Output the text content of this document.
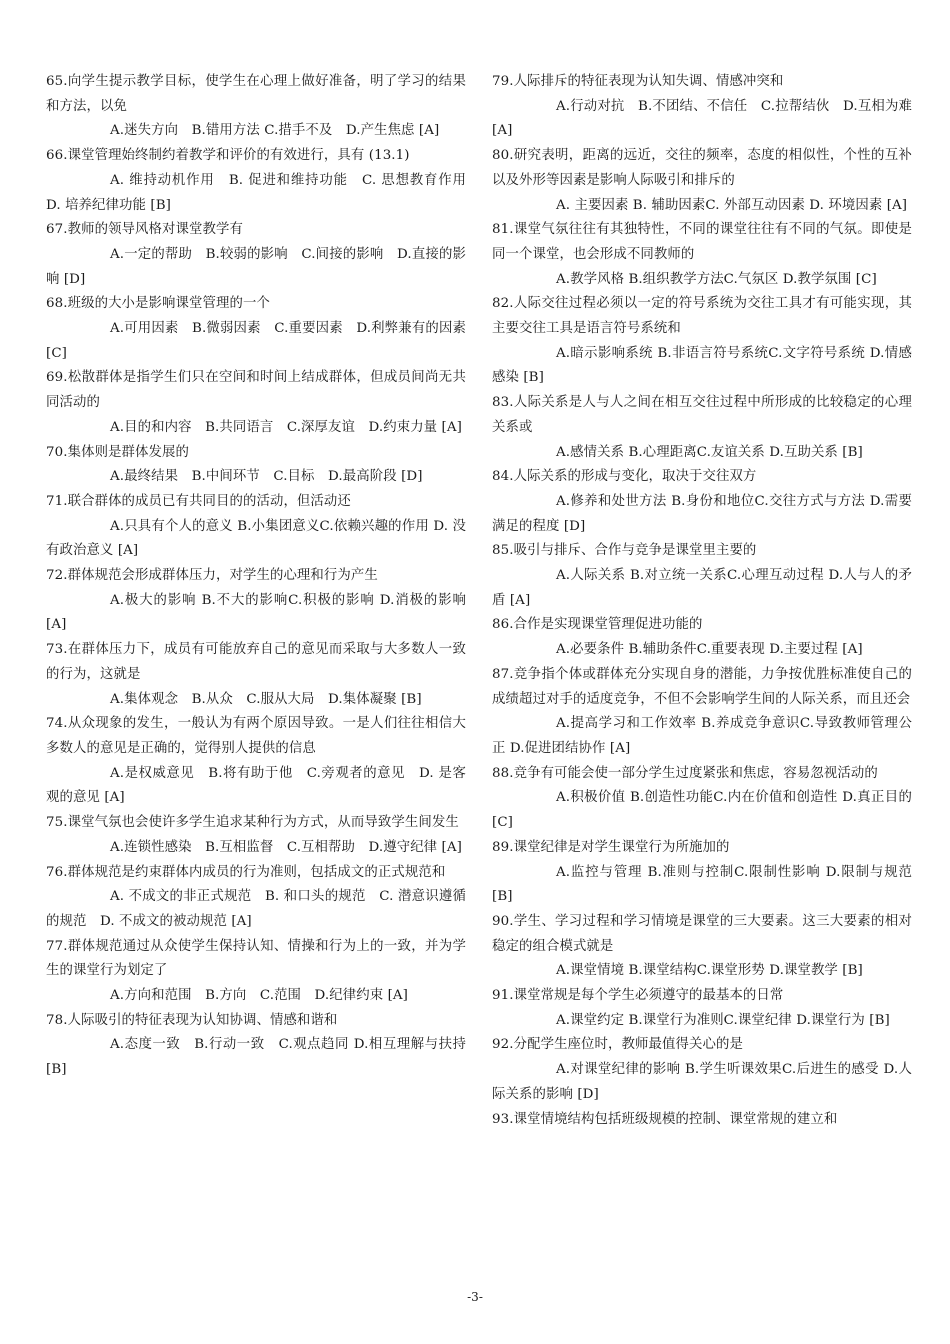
65.向学生提示教学目标，使学生在心理上做好准备，明了学习的结果和方法，以免

A.迷失方向　B.错用方法 C.措手不及　D.产生焦虑 [A]

66.课堂管理始终制约着教学和评价的有效进行，具有 (13.1)

A. 维持动机作用　B. 促进和维持功能　C. 思想教育作用　D. 培养纪律功能 [B]

67.教师的领导风格对课堂教学有

A.一定的帮助　B.较弱的影响　C.间接的影响　D.直接的影响 [D]

68.班级的大小是影响课堂管理的一个

A.可用因素　B.微弱因素　C.重要因素　D.利弊兼有的因素 [C]

69.松散群体是指学生们只在空间和时间上结成群体，但成员间尚无共同活动的

A.目的和内容　B.共同语言　C.深厚友谊　D.约束力量 [A]

70.集体则是群体发展的

A.最终结果　B.中间环节　C.目标　D.最高阶段 [D]

71.联合群体的成员已有共同目的的活动，但活动还

A.只具有个人的意义 B.小集团意义C.依赖兴趣的作用 D. 没有政治意义 [A]

72.群体规范会形成群体压力，对学生的心理和行为产生

A.极大的影响 B.不大的影响C.积极的影响 D.消极的影响 [A]

73.在群体压力下，成员有可能放弃自己的意见而采取与大多数人一致的行为，这就是

A.集体观念　B.从众　C.服从大局　D.集体凝聚 [B]

74.从众现象的发生，一般认为有两个原因导致。一是人们往往相信大多数人的意见是正确的，觉得别人提供的信息

A.是权威意见　B.将有助于他　C.旁观者的意见　D. 是客观的意见 [A]

75.课堂气氛也会使许多学生追求某种行为方式，从而导致学生间发生

A.连锁性感染　B.互相监督　C.互相帮助　D.遵守纪律 [A]

76.群体规范是约束群体内成员的行为准则，包括成文的正式规范和

A. 不成文的非正式规范　B. 和口头的规范　C. 潜意识遵循的规范　D. 不成文的被动规范 [A]

77.群体规范通过从众使学生保持认知、情操和行为上的一致，并为学生的课堂行为划定了

A.方向和范围　B.方向　C.范围　D.纪律约束 [A]

78.人际吸引的特征表现为认知协调、情感和谐和

A.态度一致　B.行动一致　C.观点趋同 D.相互理解与扶持 [B]

79.人际排斥的特征表现为认知失调、情感冲突和

A.行动对抗　B.不团结、不信任　C.拉帮结伙　D.互相为难 [A]

80.研究表明，距离的远近，交往的频率，态度的相似性，个性的互补以及外形等因素是影响人际吸引和排斥的

A. 主要因素 B. 辅助因素C. 外部互动因素 D. 环境因素 [A]

81.课堂气氛往往有其独特性，不同的课堂往往有不同的气氛。即使是同一个课堂，也会形成不同教师的

A.教学风格 B.组织教学方法C.气氛区 D.教学氛围 [C]

82.人际交往过程必须以一定的符号系统为交往工具才有可能实现，其主要交往工具是语言符号系统和

A.暗示影响系统 B.非语言符号系统C.文字符号系统 D.情感感染 [B]

83.人际关系是人与人之间在相互交往过程中所形成的比较稳定的心理关系或

A.感情关系 B.心理距离C.友谊关系 D.互助关系 [B]

84.人际关系的形成与变化，取决于交往双方

A.修养和处世方法 B.身份和地位C.交往方式与方法 D.需要满足的程度 [D]

85.吸引与排斥、合作与竞争是课堂里主要的

A.人际关系 B.对立统一关系C.心理互动过程 D.人与人的矛盾 [A]

86.合作是实现课堂管理促进功能的

A.必要条件 B.辅助条件C.重要表现 D.主要过程 [A]

87.竞争指个体或群体充分实现自身的潜能，力争按优胜标准使自己的成绩超过对手的适度竞争，不但不会影响学生间的人际关系，而且还会

A.提高学习和工作效率 B.养成竞争意识C.导致教师管理公正 D.促进团结协作 [A]

88.竞争有可能会使一部分学生过度紧张和焦虑，容易忽视活动的

A.积极价值 B.创造性功能C.内在价值和创造性 D.真正目的 [C]

89.课堂纪律是对学生课堂行为所施加的

A.监控与管理 B.准则与控制C.限制性影响 D.限制与规范 [B]

90.学生、学习过程和学习情境是课堂的三大要素。这三大要素的相对稳定的组合模式就是

A.课堂情境 B.课堂结构C.课堂形势 D.课堂教学 [B]

91.课堂常规是每个学生必须遵守的最基本的日常

A.课堂约定 B.课堂行为准则C.课堂纪律 D.课堂行为 [B]

92.分配学生座位时，教师最值得关心的是

A.对课堂纪律的影响 B.学生听课效果C.后进生的感受 D.人际关系的影响 [D]

93.课堂情境结构包括班级规模的控制、课堂常规的建立和

-3-
